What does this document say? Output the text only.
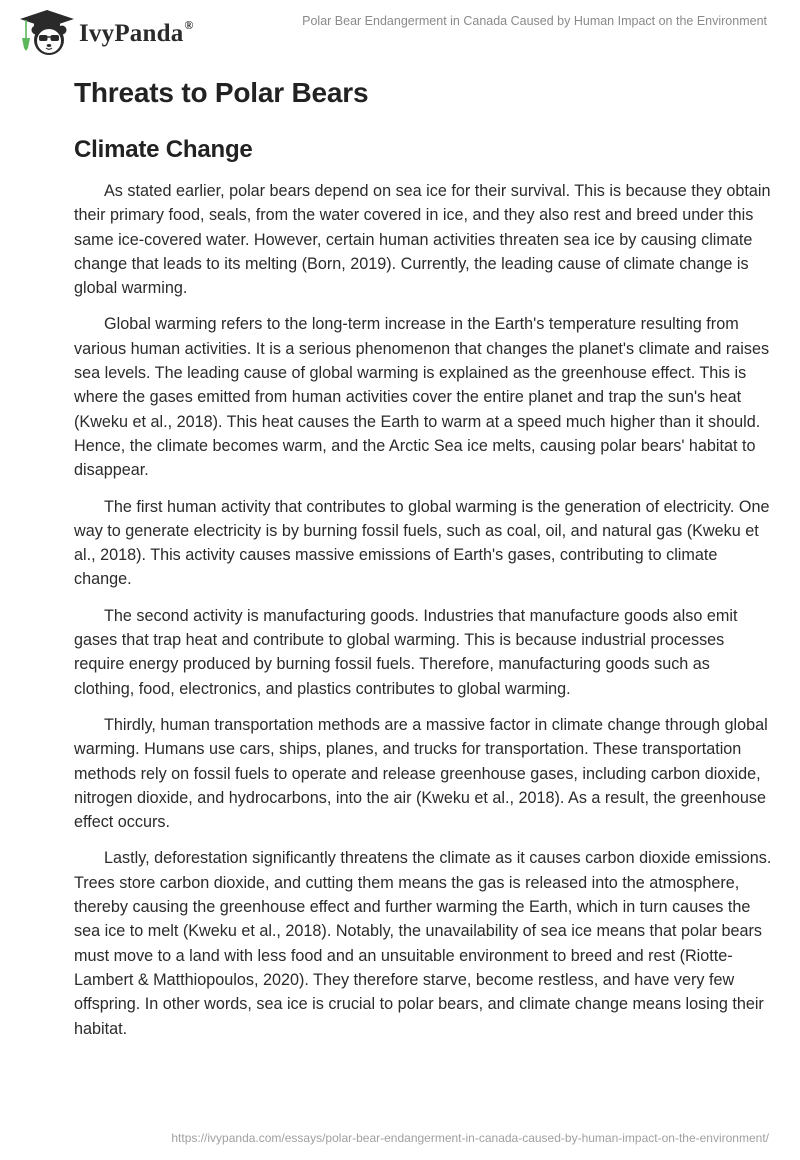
IvyPanda®	Polar Bear Endangerment in Canada Caused by Human Impact on the Environment
Threats to Polar Bears
Climate Change

As stated earlier, polar bears depend on sea ice for their survival. This is because they obtain their primary food, seals, from the water covered in ice, and they also rest and breed under this same ice-covered water. However, certain human activities threaten sea ice by causing climate change that leads to its melting (Born, 2019). Currently, the leading cause of climate change is global warming.

Global warming refers to the long-term increase in the Earth's temperature resulting from various human activities. It is a serious phenomenon that changes the planet's climate and raises sea levels. The leading cause of global warming is explained as the greenhouse effect. This is where the gases emitted from human activities cover the entire planet and trap the sun's heat (Kweku et al., 2018). This heat causes the Earth to warm at a speed much higher than it should. Hence, the climate becomes warm, and the Arctic Sea ice melts, causing polar bears' habitat to disappear.

The first human activity that contributes to global warming is the generation of electricity. One way to generate electricity is by burning fossil fuels, such as coal, oil, and natural gas (Kweku et al., 2018). This activity causes massive emissions of Earth's gases, contributing to climate change.

The second activity is manufacturing goods. Industries that manufacture goods also emit gases that trap heat and contribute to global warming. This is because industrial processes require energy produced by burning fossil fuels. Therefore, manufacturing goods such as clothing, food, electronics, and plastics contributes to global warming.

Thirdly, human transportation methods are a massive factor in climate change through global warming. Humans use cars, ships, planes, and trucks for transportation. These transportation methods rely on fossil fuels to operate and release greenhouse gases, including carbon dioxide, nitrogen dioxide, and hydrocarbons, into the air (Kweku et al., 2018). As a result, the greenhouse effect occurs.

Lastly, deforestation significantly threatens the climate as it causes carbon dioxide emissions. Trees store carbon dioxide, and cutting them means the gas is released into the atmosphere, thereby causing the greenhouse effect and further warming the Earth, which in turn causes the sea ice to melt (Kweku et al., 2018). Notably, the unavailability of sea ice means that polar bears must move to a land with less food and an unsuitable environment to breed and rest (Riotte-Lambert & Matthiopoulos, 2020). They therefore starve, become restless, and have very few offspring. In other words, sea ice is crucial to polar bears, and climate change means losing their habitat.

https://ivypanda.com/essays/polar-bear-endangerment-in-canada-caused-by-human-impact-on-the-environment/
